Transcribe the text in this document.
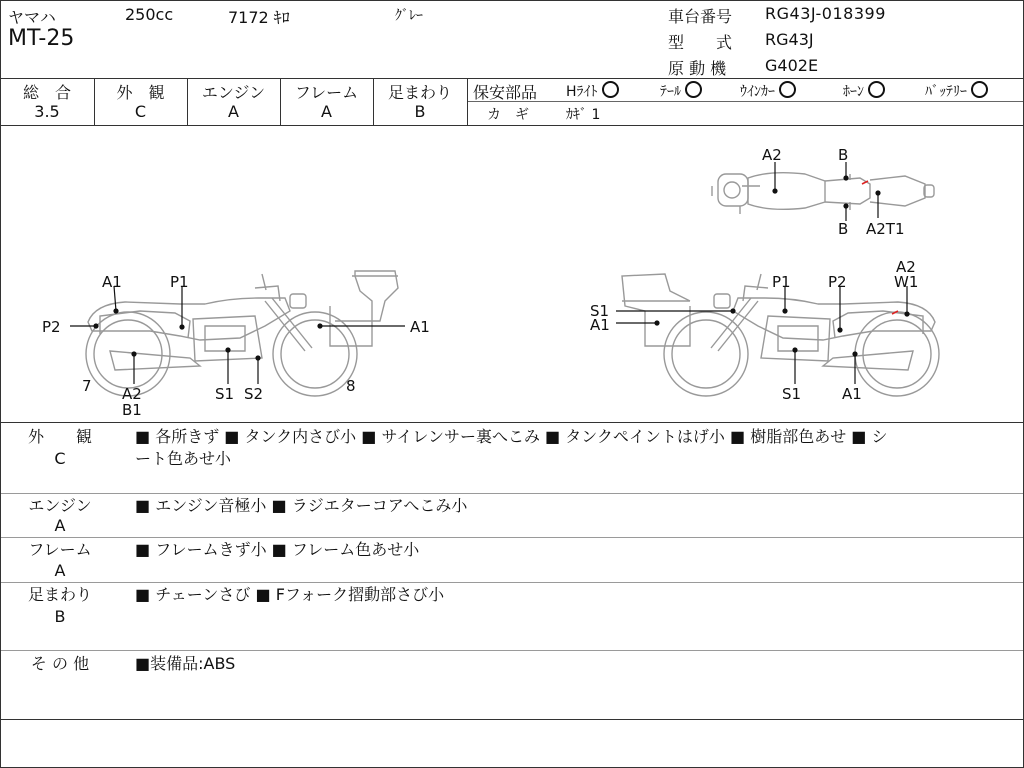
ヤマハ	250cc	7172 ｷﾛ	ｸﾞﾚｰ
MT-25
車台番号 RG43J-018399
型　　式 RG43J
原 動 機 G402E
総　合
3.5
外　観
C
エンジン
A
フレーム
A
足まわり
B
保安部品 Hﾗｲﾄ	ﾃｰﾙ	ｳｲﾝｶｰ	ﾎｰﾝ	ﾊﾞｯﾃﾘｰ
カ　ギ	ｶｷﾞ 1
A1	P1
P2	A1
7 A2
B1
S1 S2	8
P1 P2
A2
W1
S1
A1
S1	A1
A2	B
B A2T1
外　　観
C
■ 各所きず ■ タンク内さび小 ■ サイレンサー裏へこみ ■ タンクペイントはげ小 ■ 樹脂部色あせ ■ シ
ート色あせ小
エンジン
A
■ エンジン音極小 ■ ラジエターコアへこみ小
フレーム
A
■ フレームきず小 ■ フレーム色あせ小
足まわり
B
■ チェーンさび ■ Fフォーク摺動部さび小
そ の 他	■装備品:ABS
